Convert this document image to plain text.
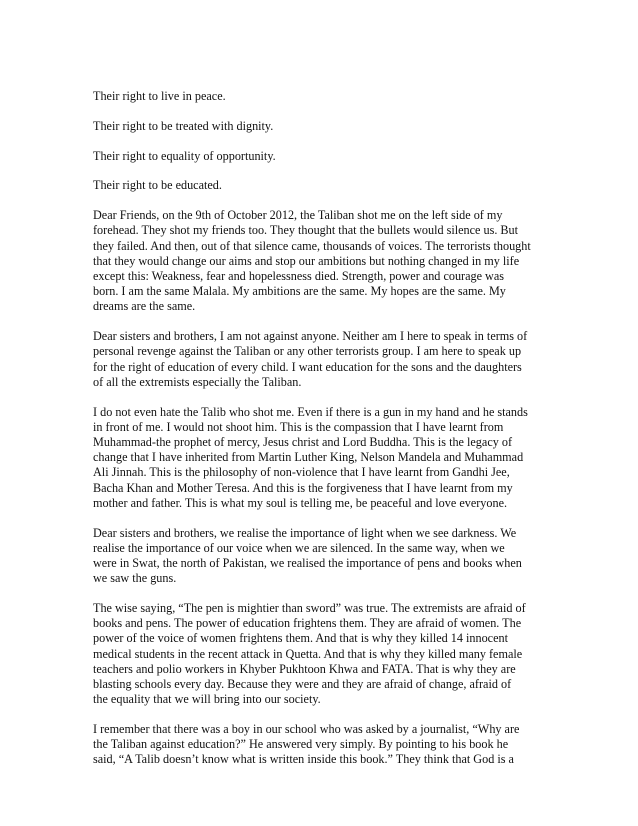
Their right to live in peace.

Their right to be treated with dignity.

Their right to equality of opportunity.

Their right to be educated.

Dear Friends, on the 9th of October 2012, the Taliban shot me on the left side of my
forehead. They shot my friends too. They thought that the bullets would silence us. But
they failed. And then, out of that silence came, thousands of voices. The terrorists thought
that they would change our aims and stop our ambitions but nothing changed in my life
except this: Weakness, fear and hopelessness died. Strength, power and courage was
born. I am the same Malala. My ambitions are the same. My hopes are the same. My
dreams are the same.

Dear sisters and brothers, I am not against anyone. Neither am I here to speak in terms of
personal revenge against the Taliban or any other terrorists group. I am here to speak up
for the right of education of every child. I want education for the sons and the daughters
of all the extremists especially the Taliban.

I do not even hate the Talib who shot me. Even if there is a gun in my hand and he stands
in front of me. I would not shoot him. This is the compassion that I have learnt from
Muhammad-the prophet of mercy, Jesus christ and Lord Buddha. This is the legacy of
change that I have inherited from Martin Luther King, Nelson Mandela and Muhammad
Ali Jinnah. This is the philosophy of non-violence that I have learnt from Gandhi Jee,
Bacha Khan and Mother Teresa. And this is the forgiveness that I have learnt from my
mother and father. This is what my soul is telling me, be peaceful and love everyone.

Dear sisters and brothers, we realise the importance of light when we see darkness. We
realise the importance of our voice when we are silenced. In the same way, when we
were in Swat, the north of Pakistan, we realised the importance of pens and books when
we saw the guns.

The wise saying, “The pen is mightier than sword” was true. The extremists are afraid of
books and pens. The power of education frightens them. They are afraid of women. The
power of the voice of women frightens them. And that is why they killed 14 innocent
medical students in the recent attack in Quetta. And that is why they killed many female
teachers and polio workers in Khyber Pukhtoon Khwa and FATA. That is why they are
blasting schools every day. Because they were and they are afraid of change, afraid of
the equality that we will bring into our society.

I remember that there was a boy in our school who was asked by a journalist, “Why are
the Taliban against education?” He answered very simply. By pointing to his book he
said, “A Talib doesn’t know what is written inside this book.” They think that God is a
